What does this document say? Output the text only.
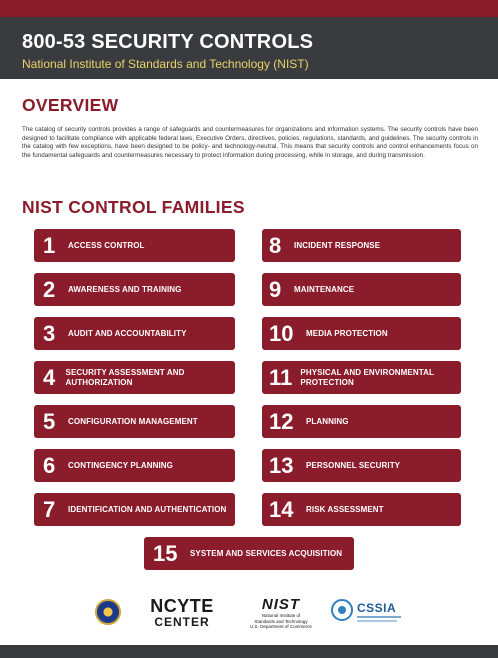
800-53 SECURITY CONTROLS
National Institute of Standards and Technology (NIST)
OVERVIEW

The catalog of security controls provides a range of safeguards and countermeasures for organizations and information systems. The security controls have been designed to facilitate compliance with applicable federal laws, Executive Orders, directives, policies, regulations, standards, and guidelines. The security controls in the catalog with few exceptions, have been designed to be policy- and technology-neutral. This means that security controls and control enhancements focus on the fundamental safeguards and countermeasures necessary to protect information during processing, while in storage, and during transmission.

NIST CONTROL FAMILIES
1	ACCESS CONTROL
2	AWARENESS AND TRAINING
3	AUDIT AND ACCOUNTABILITY
4	SECURITY ASSESSMENT AND AUTHORIZATION
5	CONFIGURATION MANAGEMENT
6	CONTINGENCY PLANNING
7	IDENTIFICATION AND AUTHENTICATION
8	INCIDENT RESPONSE
9	MAINTENANCE
10	MEDIA PROTECTION
11	PHYSICAL AND ENVIRONMENTAL PROTECTION
12	PLANNING
13	PERSONNEL SECURITY
14	RISK ASSESSMENT
15	SYSTEM AND SERVICES ACQUISITION
NCYTE
CENTER
NIST
National Institute of
Standards and Technology
U.S. Department of Commerce
CSSIA
